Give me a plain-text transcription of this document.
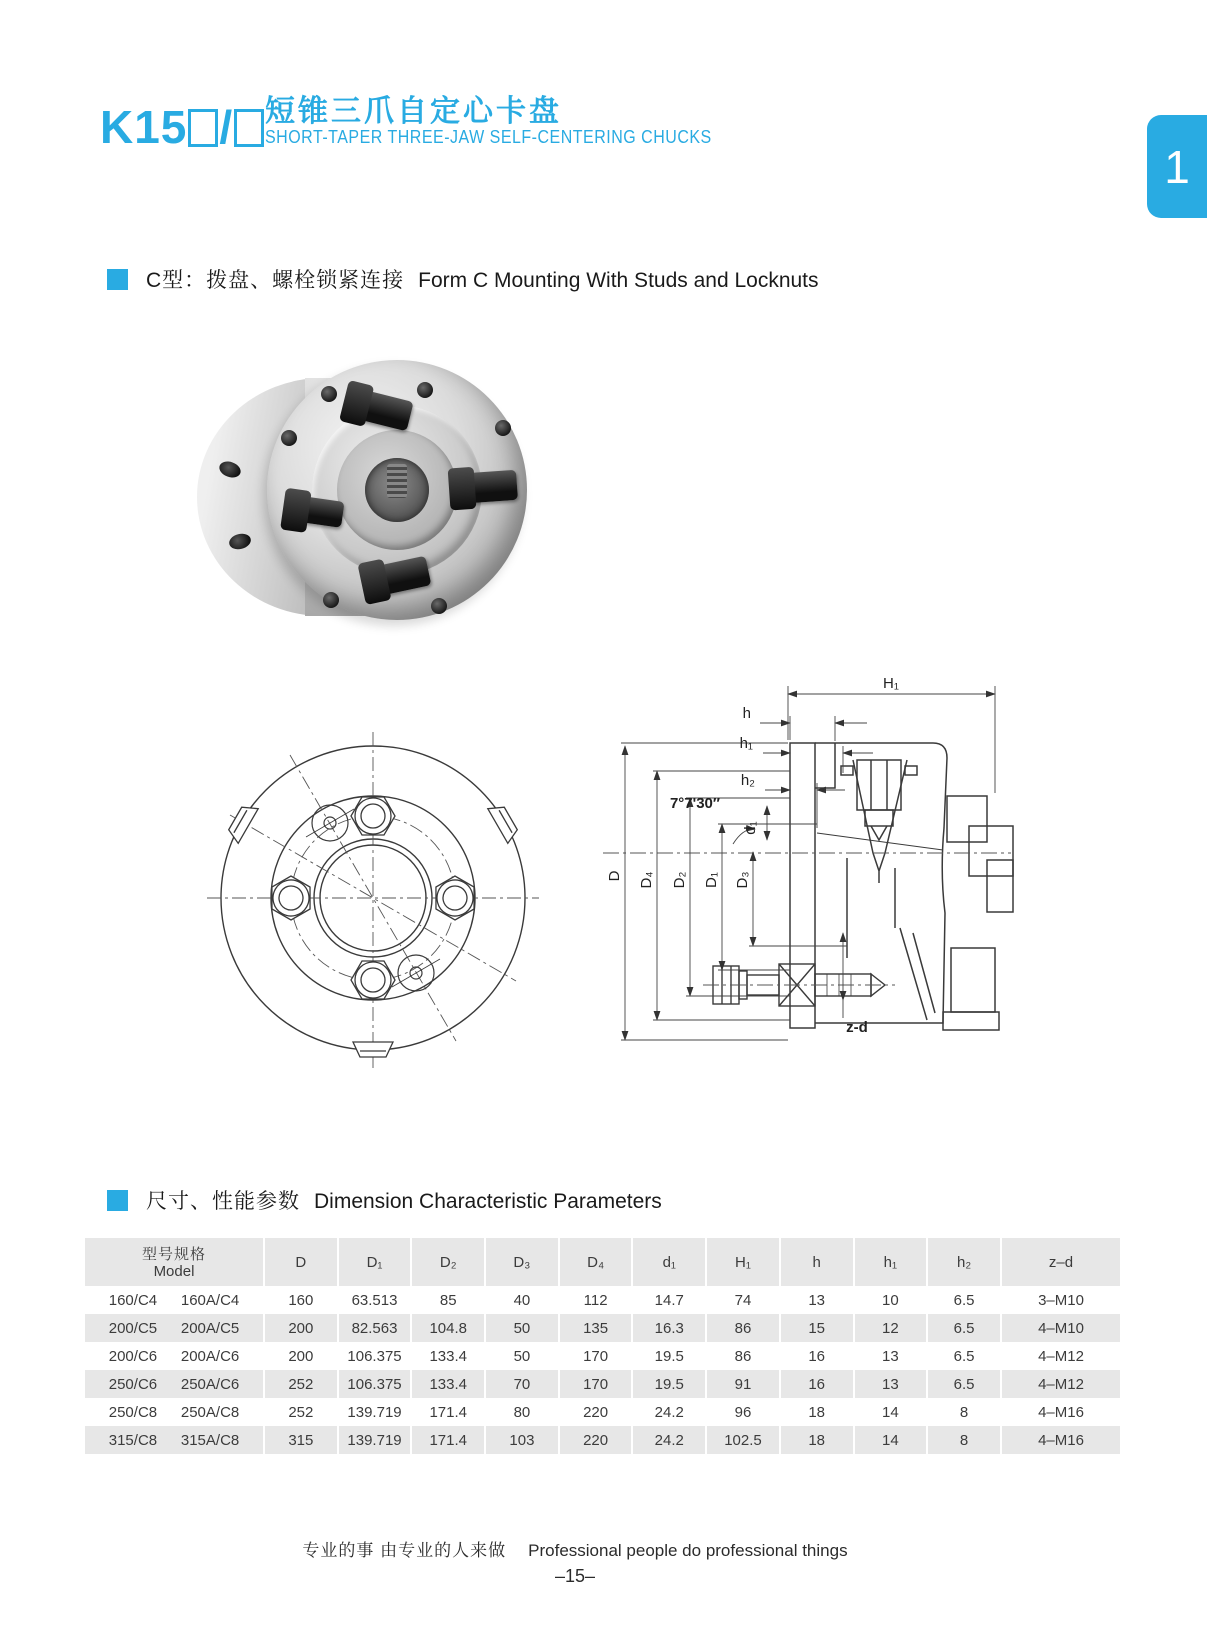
K15 /	短锥三爪自定心卡盘
SHORT-TAPER THREE-JAW SELF-CENTERING CHUCKS
1
C型：拨盘、螺栓锁紧连接 Form C Mounting With Studs and Locknuts
H₁
h
h₁
h₂
7°7'30″
d₁
D D₄ D₂ D₁ D₃
z-d
尺寸、性能参数 Dimension Characteristic Parameters
型号规格
Model	D	D₁	D₂	D₃	D₄	d₁	H₁	h	h₁	h₂	z–d

160/C4 160A/C4	160	63.513	85	40	112	14.7	74	13	10	6.5	3–M10

200/C5 200A/C5	200	82.563	104.8	50	135	16.3	86	15	12	6.5	4–M10

200/C6 200A/C6	200	106.375	133.4	50	170	19.5	86	16	13	6.5	4–M12

250/C6 250A/C6	252	106.375	133.4	70	170	19.5	91	16	13	6.5	4–M12

250/C8 250A/C8	252	139.719	171.4	80	220	24.2	96	18	14	8	4–M16

315/C8 315A/C8	315	139.719	171.4	103	220	24.2	102.5	18	14	8	4–M16
专业的事 由专业的人来做 Professional people do professional things
–15–
